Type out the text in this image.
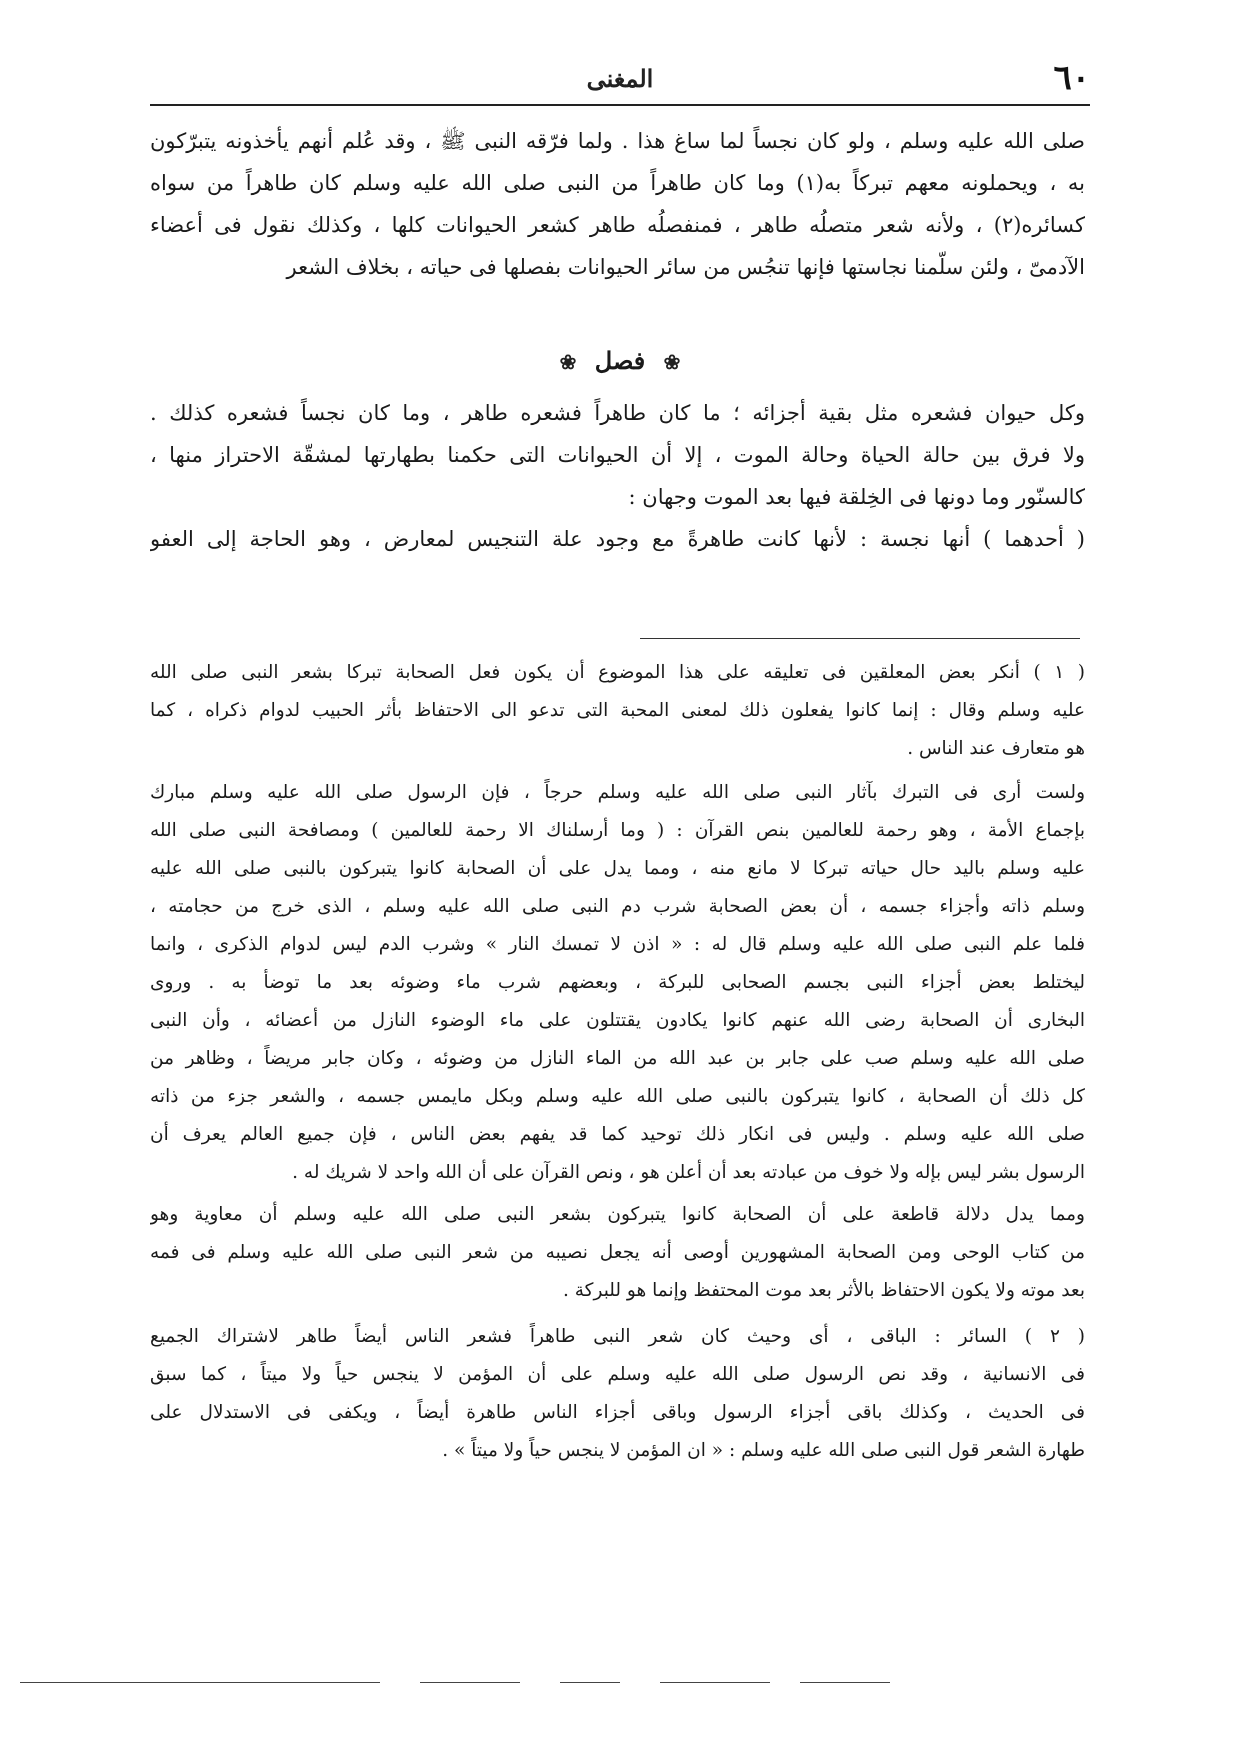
٦٠
المغنى
صلى الله عليه وسلم ، ولو كان نجساً لما ساغ هذا . ولما فرّقه النبى ﷺ ، وقد عُلم أنهم يأخذونه يتبرّكون
به ، ويحملونه معهم تبركاً به(١) وما كان طاهراً من النبى صلى الله عليه وسلم كان طاهراً من سواه
كسائره(٢) ، ولأنه شعر متصلُه طاهر ، فمنفصلُه طاهر كشعر الحيوانات كلها ، وكذلك نقول فى أعضاء
الآدمىّ ، ولئن سلّمنا نجاستها فإنها تنجُس من سائر الحيوانات بفصلها فى حياته ، بخلاف الشعر
❀ فصل ❀
وكل حيوان فشعره مثل بقية أجزائه ؛ ما كان طاهراً فشعره طاهر ، وما كان نجساً فشعره كذلك .
ولا فرق بين حالة الحياة وحالة الموت ، إلا أن الحيوانات التى حكمنا بطهارتها لمشقّة الاحتراز منها ،
كالسنّور وما دونها فى الخِلقة فيها بعد الموت وجهان :
( أحدهما ) أنها نجسة : لأنها كانت طاهرةً مع وجود علة التنجيس لمعارض ، وهو الحاجة إلى العفو
( ١ ) أنكر بعض المعلقين فى تعليقه على هذا الموضوع أن يكون فعل الصحابة تبركا بشعر النبى صلى الله
عليه وسلم وقال : إنما كانوا يفعلون ذلك لمعنى المحبة التى تدعو الى الاحتفاظ بأثر الحبيب لدوام ذكراه ، كما
هو متعارف عند الناس .
ولست أرى فى التبرك بآثار النبى صلى الله عليه وسلم حرجاً ، فإن الرسول صلى الله عليه وسلم مبارك
بإجماع الأمة ، وهو رحمة للعالمين بنص القرآن : ( وما أرسلناك الا رحمة للعالمين ) ومصافحة النبى صلى الله
عليه وسلم باليد حال حياته تبركا لا مانع منه ، ومما يدل على أن الصحابة كانوا يتبركون بالنبى صلى الله عليه
وسلم ذاته وأجزاء جسمه ، أن بعض الصحابة شرب دم النبى صلى الله عليه وسلم ، الذى خرج من حجامته ،
فلما علم النبى صلى الله عليه وسلم قال له : « اذن لا تمسك النار » وشرب الدم ليس لدوام الذكرى ، وانما
ليختلط بعض أجزاء النبى بجسم الصحابى للبركة ، وبعضهم شرب ماء وضوئه بعد ما توضأ به . وروى
البخارى أن الصحابة رضى الله عنهم كانوا يكادون يقتتلون على ماء الوضوء النازل من أعضائه ، وأن النبى
صلى الله عليه وسلم صب على جابر بن عبد الله من الماء النازل من وضوئه ، وكان جابر مريضاً ، وظاهر من
كل ذلك أن الصحابة ، كانوا يتبركون بالنبى صلى الله عليه وسلم وبكل مايمس جسمه ، والشعر جزء من ذاته
صلى الله عليه وسلم . وليس فى انكار ذلك توحيد كما قد يفهم بعض الناس ، فإن جميع العالم يعرف أن
الرسول بشر ليس بإله ولا خوف من عبادته بعد أن أعلن هو ، ونص القرآن على أن الله واحد لا شريك له .
ومما يدل دلالة قاطعة على أن الصحابة كانوا يتبركون بشعر النبى صلى الله عليه وسلم أن معاوية وهو
من كتاب الوحى ومن الصحابة المشهورين أوصى أنه يجعل نصيبه من شعر النبى صلى الله عليه وسلم فى فمه
بعد موته ولا يكون الاحتفاظ بالأثر بعد موت المحتفظ وإنما هو للبركة .
( ٢ ) السائر : الباقى ، أى وحيث كان شعر النبى طاهراً فشعر الناس أيضاً طاهر لاشتراك الجميع
فى الانسانية ، وقد نص الرسول صلى الله عليه وسلم على أن المؤمن لا ينجس حياً ولا ميتاً ، كما سبق
فى الحديث ، وكذلك باقى أجزاء الرسول وباقى أجزاء الناس طاهرة أيضاً ، ويكفى فى الاستدلال على
طهارة الشعر قول النبى صلى الله عليه وسلم : « ان المؤمن لا ينجس حياً ولا ميتاً » .
